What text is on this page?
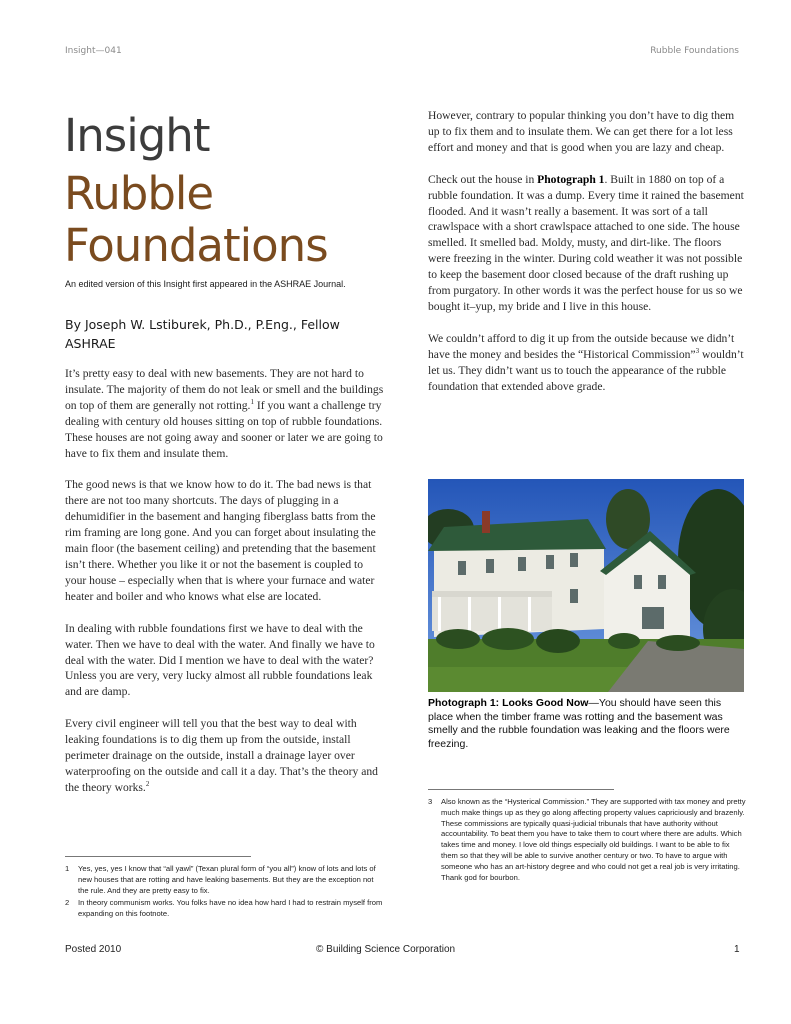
Insight—041	Rubble Foundations
Insight
Rubble
Foundations
An edited version of this Insight first appeared in the ASHRAE Journal.
By Joseph W. Lstiburek, Ph.D., P.Eng., Fellow ASHRAE

It’s pretty easy to deal with new basements. They are not hard to insulate. The majority of them do not leak or smell and the buildings on top of them are generally not rotting.$^1$ If you want a challenge try dealing with century old houses sitting on top of rubble foundations. These houses are not going away and sooner or later we are going to have to fix them and insulate them.

The good news is that we know how to do it. The bad news is that there are not too many shortcuts. The days of plugging in a dehumidifier in the basement and hanging fiberglass batts from the rim framing are long gone. And you can forget about insulating the main floor (the basement ceiling) and pretending that the basement isn’t there. Whether you like it or not the basement is coupled to your house – especially when that is where your furnace and water heater and boiler and who knows what else are located.

In dealing with rubble foundations first we have to deal with the water. Then we have to deal with the water. And finally we have to deal with the water. Did I mention we have to deal with the water? Unless you are very, very lucky almost all rubble foundations leak and are damp.

Every civil engineer will tell you that the best way to deal with leaking foundations is to dig them up from the outside, install perimeter drainage on the outside, install a drainage layer over waterproofing on the outside and call it a day. That’s the theory and the theory works.$^2$

However, contrary to popular thinking you don’t have to dig them up to fix them and to insulate them. We can get there for a lot less effort and money and that is good when you are lazy and cheap.

Check out the house in Photograph 1. Built in 1880 on top of a rubble foundation. It was a dump. Every time it rained the basement flooded. And it wasn’t really a basement. It was sort of a tall crawlspace with a short crawlspace attached to one side. The house smelled. It smelled bad. Moldy, musty, and dirt-like. The floors were freezing in the winter. During cold weather it was not possible to keep the basement door closed because of the draft rushing up from purgatory. In other words it was the perfect house for us so we bought it–yup, my bride and I live in this house.

We couldn’t afford to dig it up from the outside because we didn’t have the money and besides the “Historical Commission”$^3$ wouldn’t let us. They didn’t want us to touch the appearance of the rubble foundation that extended above grade.

Photograph 1: Looks Good Now—You should have seen this place when the timber frame was rotting and the basement was smelly and the rubble foundation was leaking and the floors were freezing.
1 Yes, yes, yes I know that “all yawl” (Texan plural form of “you all”) know of lots and lots of new houses that are rotting and have leaking basements. But they are the exception not the rule. And they are pretty easy to fix.
2 In theory communism works. You folks have no idea how hard I had to restrain myself from expanding on this footnote.
3 Also known as the “Hysterical Commission.” They are supported with tax money and pretty much make things up as they go along affecting property values capriciously and brazenly. These commissions are typically quasi-judicial tribunals that have authority without accountability. To beat them you have to take them to court where there are adults. Which takes time and money. I love old things especially old buildings. I want to be able to fix them so that they will be able to survive another century or two. To have to argue with someone who has an art-history degree and who could not get a real job is very irritating. Thank god for bourbon.
Posted 2010	© Building Science Corporation	1
